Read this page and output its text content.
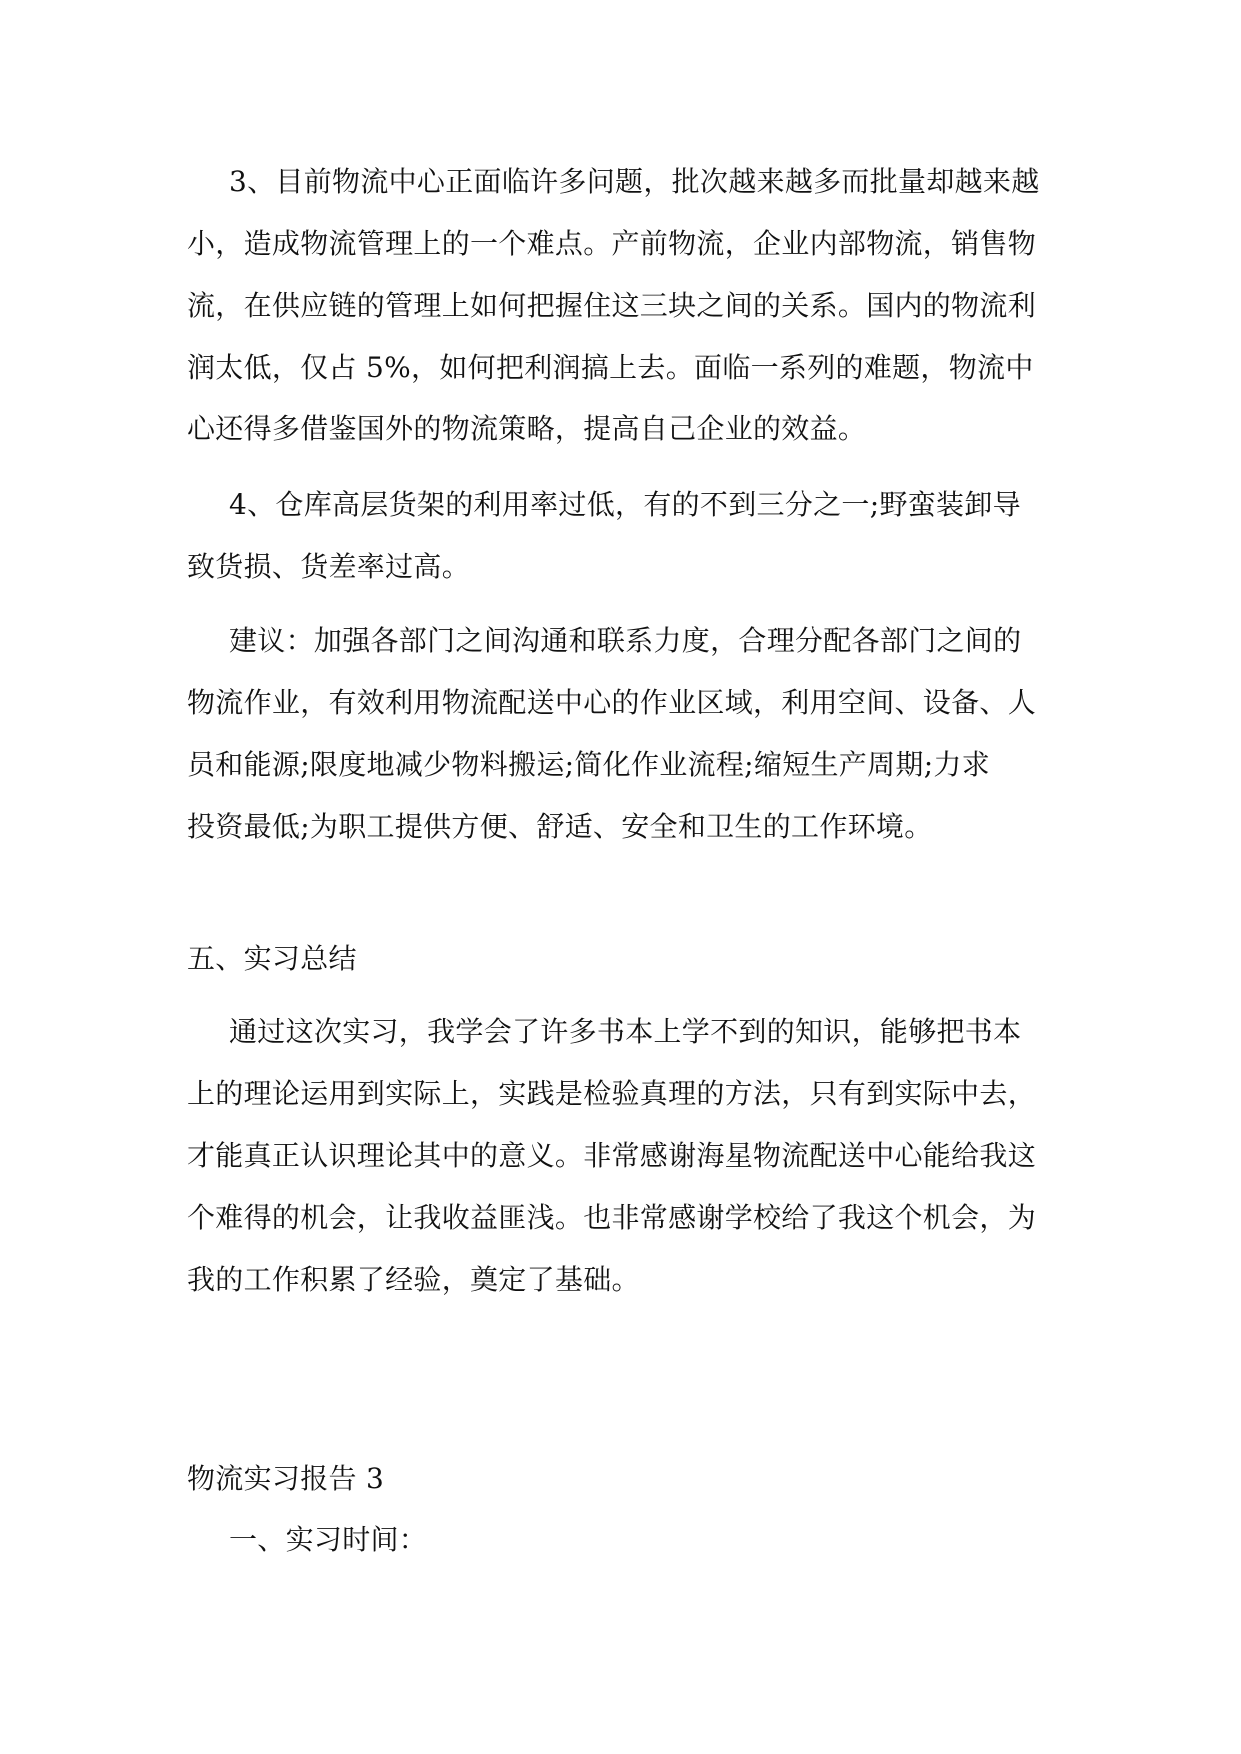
3、目前物流中心正面临许多问题，批次越来越多而批量却越来越
小，造成物流管理上的一个难点。产前物流，企业内部物流，销售物
流，在供应链的管理上如何把握住这三块之间的关系。国内的物流利
润太低，仅占 5%，如何把利润搞上去。面临一系列的难题，物流中
心还得多借鉴国外的物流策略，提高自己企业的效益。
4、仓库高层货架的利用率过低，有的不到三分之一;野蛮装卸导
致货损、货差率过高。
建议：加强各部门之间沟通和联系力度，合理分配各部门之间的
物流作业，有效利用物流配送中心的作业区域，利用空间、设备、人
员和能源;限度地减少物料搬运;简化作业流程;缩短生产周期;力求
投资最低;为职工提供方便、舒适、安全和卫生的工作环境。
五、实习总结
通过这次实习，我学会了许多书本上学不到的知识，能够把书本
上的理论运用到实际上，实践是检验真理的方法，只有到实际中去，
才能真正认识理论其中的意义。非常感谢海星物流配送中心能给我这
个难得的机会，让我收益匪浅。也非常感谢学校给了我这个机会，为
我的工作积累了经验，奠定了基础。
物流实习报告 3
一、实习时间：
